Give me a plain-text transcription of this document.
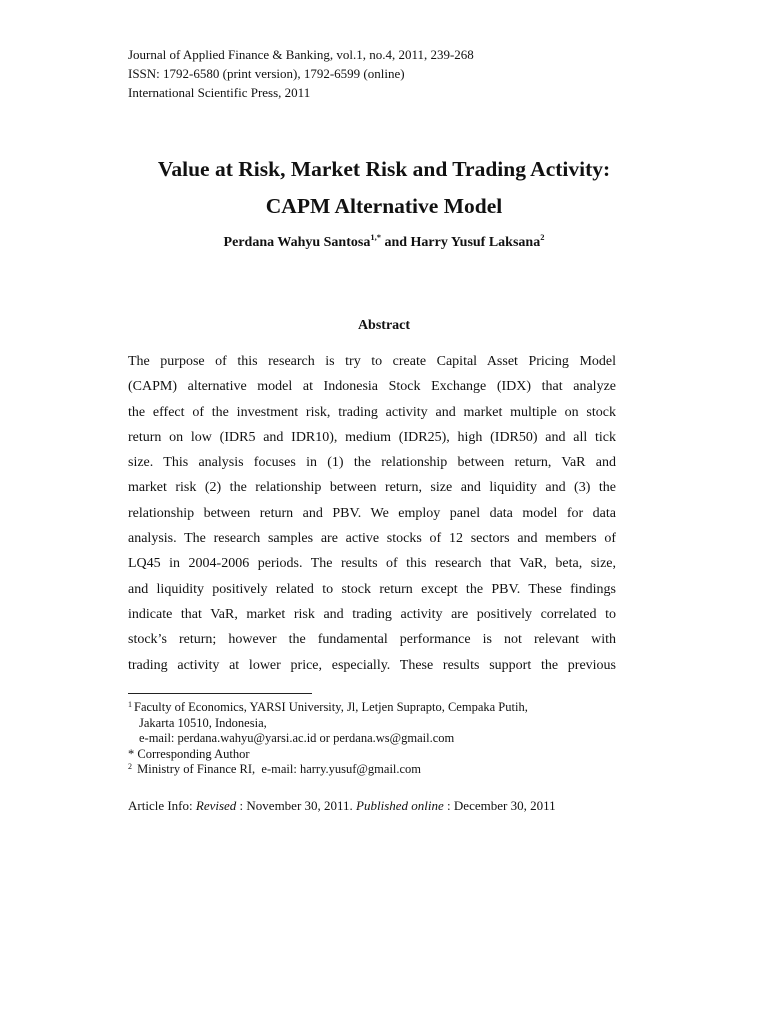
Journal of Applied Finance & Banking, vol.1, no.4, 2011, 239-268
ISSN: 1792-6580 (print version), 1792-6599 (online)
International Scientific Press, 2011
Value at Risk, Market Risk and Trading Activity:
CAPM Alternative Model
Perdana Wahyu Santosa$^{1,*}$ and Harry Yusuf Laksana$^2$
Abstract
The purpose of this research is try to create Capital Asset Pricing Model
(CAPM) alternative model at Indonesia Stock Exchange (IDX) that analyze
the effect of the investment risk, trading activity and market multiple on stock
return on low (IDR5 and IDR10), medium (IDR25), high (IDR50) and all tick
size. This analysis focuses in (1) the relationship between return, VaR and
market risk (2) the relationship between return, size and liquidity and (3) the
relationship between return and PBV. We employ panel data model for data
analysis. The research samples are active stocks of 12 sectors and members of
LQ45 in 2004-2006 periods. The results of this research that VaR, beta, size,
and liquidity positively related to stock return except the PBV. These findings
indicate that VaR, market risk and trading activity are positively correlated to
stock’s return; however the fundamental performance is not relevant with
trading activity at lower price, especially. These results support the previous
$^1$ Faculty of Economics, YARSI University, Jl, Letjen Suprapto, Cempaka Putih,
Jakarta 10510, Indonesia,
e-mail: perdana.wahyu@yarsi.ac.id or perdana.ws@gmail.com
* Corresponding Author
$^2$ Ministry of Finance RI,  e-mail: harry.yusuf@gmail.com
Article Info: Revised : November 30, 2011. Published online : December 30, 2011
